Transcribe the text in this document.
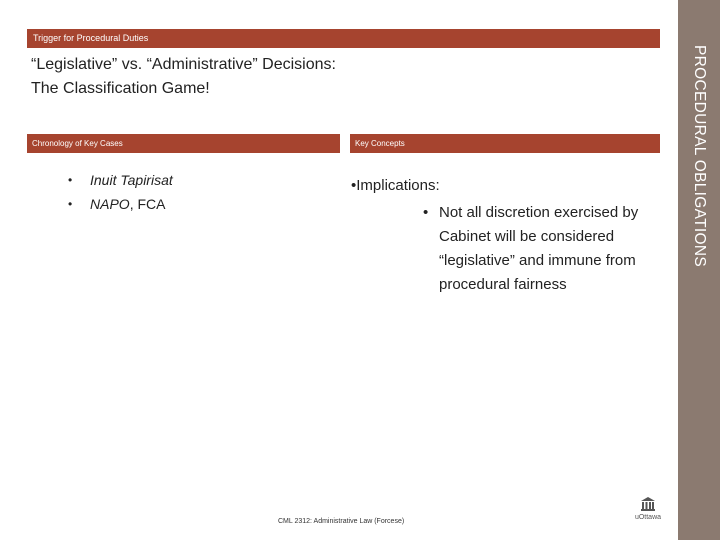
Trigger for Procedural Duties
“Legislative” vs. “Administrative” Decisions:
The Classification Game!
Chronology of Key Cases	Key Concepts
• Inuit Tapirisat
• NAPO, FCA
•Implications:
• Not all discretion exercised by Cabinet will be considered “legislative” and immune from procedural fairness
PROCEDURAL OBLIGATIONS
CML 2312: Administrative Law (Forcese)
uOttawa
